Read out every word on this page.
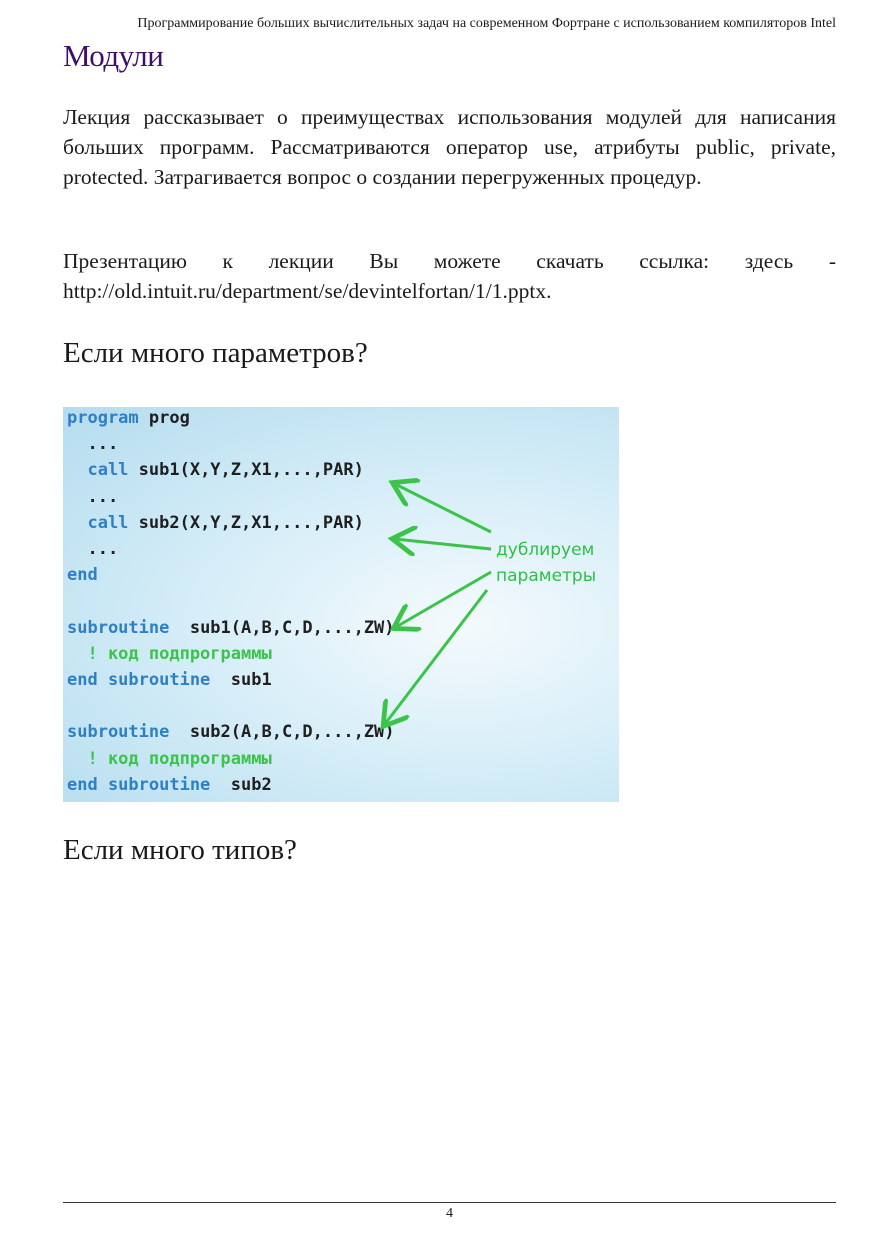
Программирование больших вычислительных задач на современном Фортране с использованием компиляторов Intel
Модули

Лекция рассказывает о преимуществах использования модулей для написания больших программ. Рассматриваются оператор use, атрибуты public, private, protected. Затрагивается вопрос о создании перегруженных процедур.

Презентацию к лекции Вы можете скачать ссылка: здесь - http://old.intuit.ru/department/se/devintelfortan/1/1.pptx.

Если много параметров?
end subroutine  sub2
! код подпрограммы
subroutine  sub2(A,B,C,D,...,ZW)
end subroutine  sub1
! код подпрограммы
subroutine  sub1(A,B,C,D,...,ZW)
end
...
call sub2(X,Y,Z,X1,...,PAR)
...
call sub1(X,Y,Z,X1,...,PAR)
...
program prog
дублируем
параметры
Если много типов?
4
